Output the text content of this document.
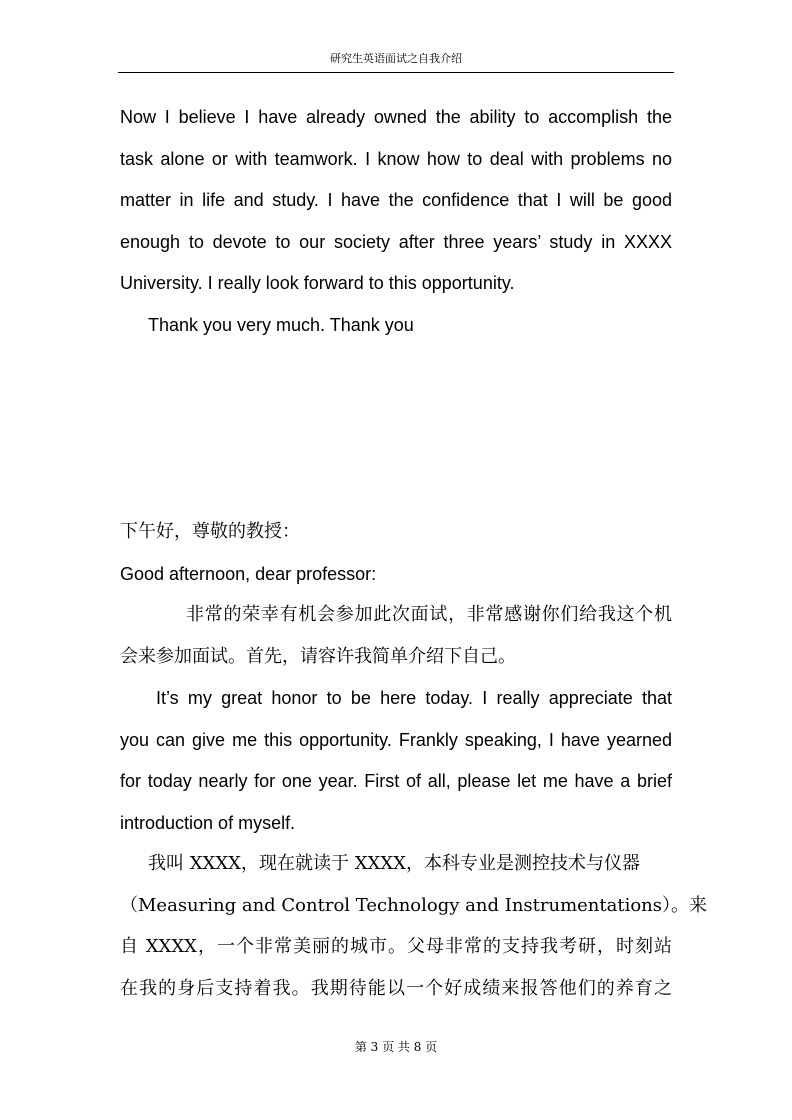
研究生英语面试之自我介绍
Now I believe I have already owned the ability to accomplish the
task alone or with teamwork. I know how to deal with problems no
matter in life and study. I have the confidence that I will be good
enough to devote to our society after three years’ study in XXXX
University. I really look forward to this opportunity.
Thank you very much. Thank you
下午好，尊敬的教授：
Good afternoon, dear professor:
非常的荣幸有机会参加此次面试，非常感谢你们给我这个机
会来参加面试。首先，请容许我简单介绍下自己。
It’s my great honor to be here today. I really appreciate that
you can give me this opportunity. Frankly speaking, I have yearned
for today nearly for one year. First of all, please let me have a brief
introduction of myself.
我叫 XXXX，现在就读于 XXXX，本科专业是测控技术与仪器
（Measuring and Control Technology and Instrumentations）。来
自 XXXX，一个非常美丽的城市。父母非常的支持我考研，时刻站
在我的身后支持着我。我期待能以一个好成绩来报答他们的养育之
第 3 页 共 8 页
